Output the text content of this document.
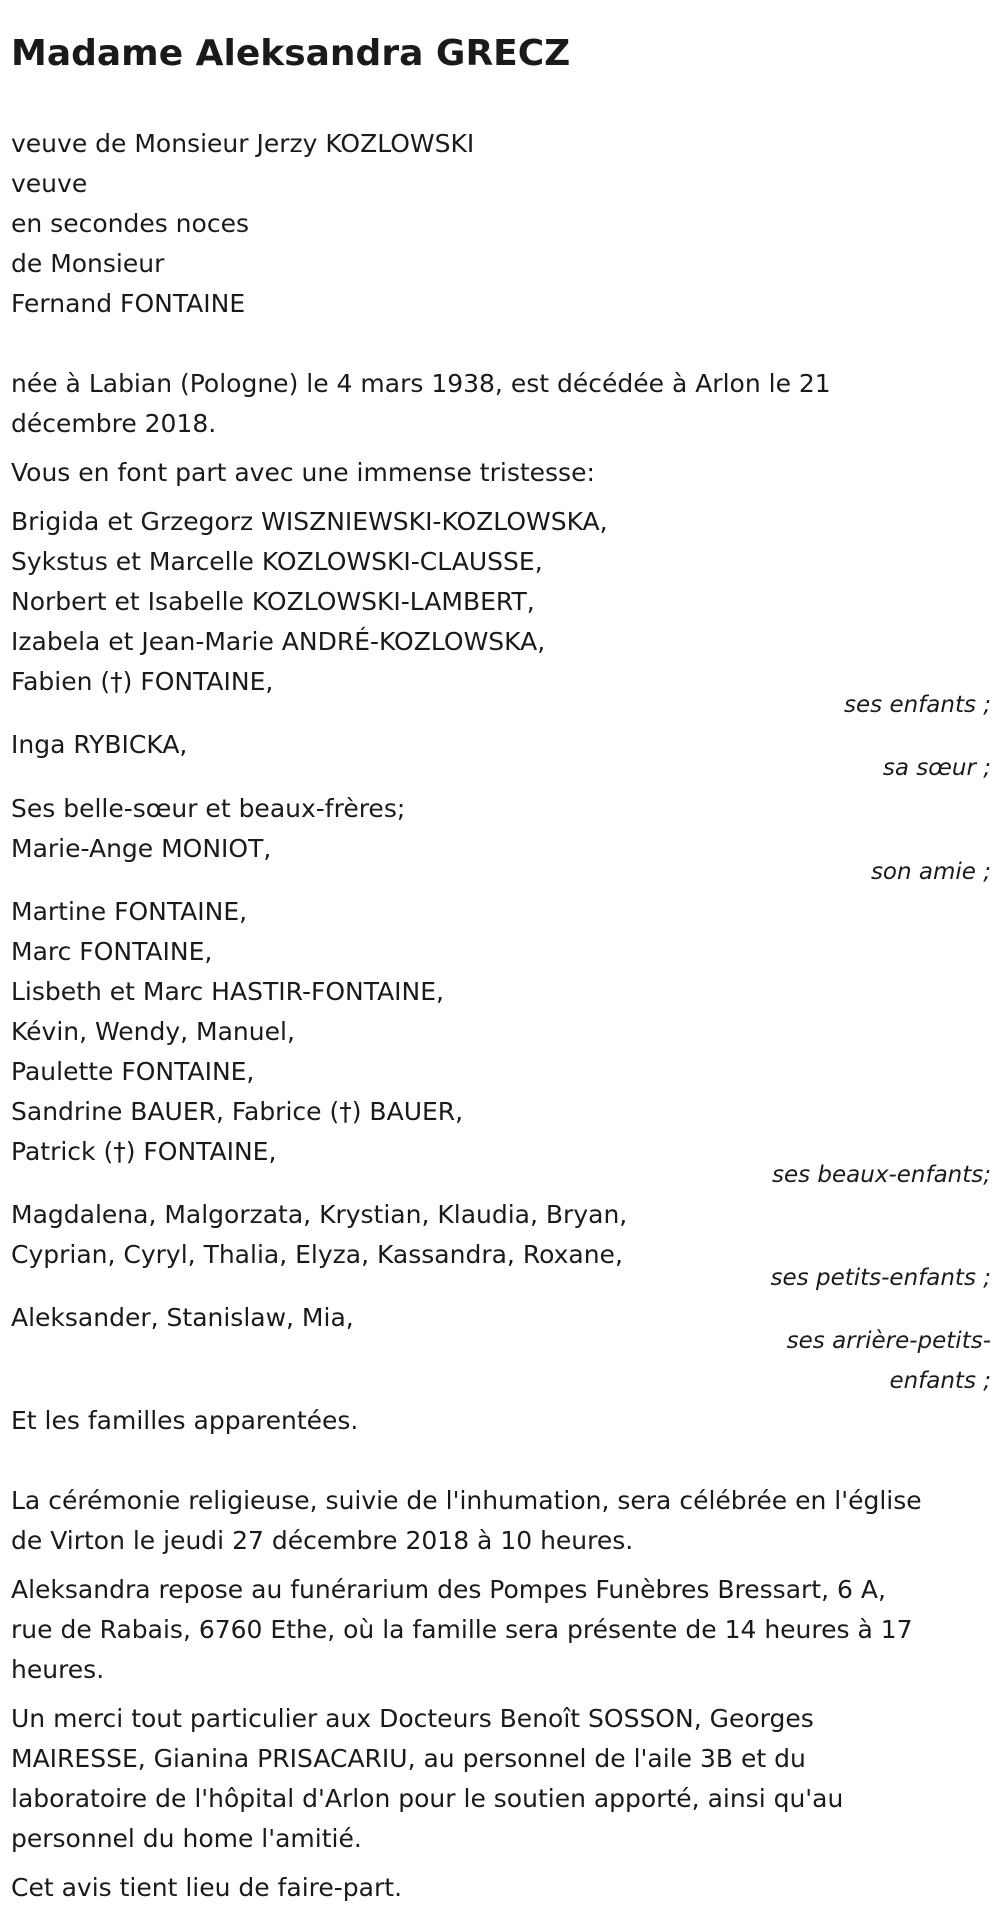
Madame Aleksandra GRECZ
veuve de Monsieur Jerzy KOZLOWSKI
veuve
en secondes noces
de Monsieur
Fernand FONTAINE
née à Labian (Pologne) le 4 mars 1938, est décédée à Arlon le 21
décembre 2018.
Vous en font part avec une immense tristesse:
Brigida et Grzegorz WISZNIEWSKI-KOZLOWSKA,
Sykstus et Marcelle KOZLOWSKI-CLAUSSE,
Norbert et Isabelle KOZLOWSKI-LAMBERT,
Izabela et Jean-Marie ANDRÉ-KOZLOWSKA,
Fabien (†) FONTAINE,
ses enfants ;
Inga RYBICKA,
sa sœur ;
Ses belle-sœur et beaux-frères;
Marie-Ange MONIOT,
son amie ;
Martine FONTAINE,
Marc FONTAINE,
Lisbeth et Marc HASTIR-FONTAINE,
Kévin, Wendy, Manuel,
Paulette FONTAINE,
Sandrine BAUER, Fabrice (†) BAUER,
Patrick (†) FONTAINE,
ses beaux-enfants;
Magdalena, Malgorzata, Krystian, Klaudia, Bryan,
Cyprian, Cyryl, Thalia, Elyza, Kassandra, Roxane,
ses petits-enfants ;
Aleksander, Stanislaw, Mia,
ses arrière-petits-
enfants ;
Et les familles apparentées.
La cérémonie religieuse, suivie de l'inhumation, sera célébrée en l'église
de Virton le jeudi 27 décembre 2018 à 10 heures.
Aleksandra repose au funérarium des Pompes Funèbres Bressart, 6 A,
rue de Rabais, 6760 Ethe, où la famille sera présente de 14 heures à 17
heures.
Un merci tout particulier aux Docteurs Benoît SOSSON, Georges
MAIRESSE, Gianina PRISACARIU, au personnel de l'aile 3B et du
laboratoire de l'hôpital d'Arlon pour le soutien apporté, ainsi qu'au
personnel du home l'amitié.
Cet avis tient lieu de faire-part.
